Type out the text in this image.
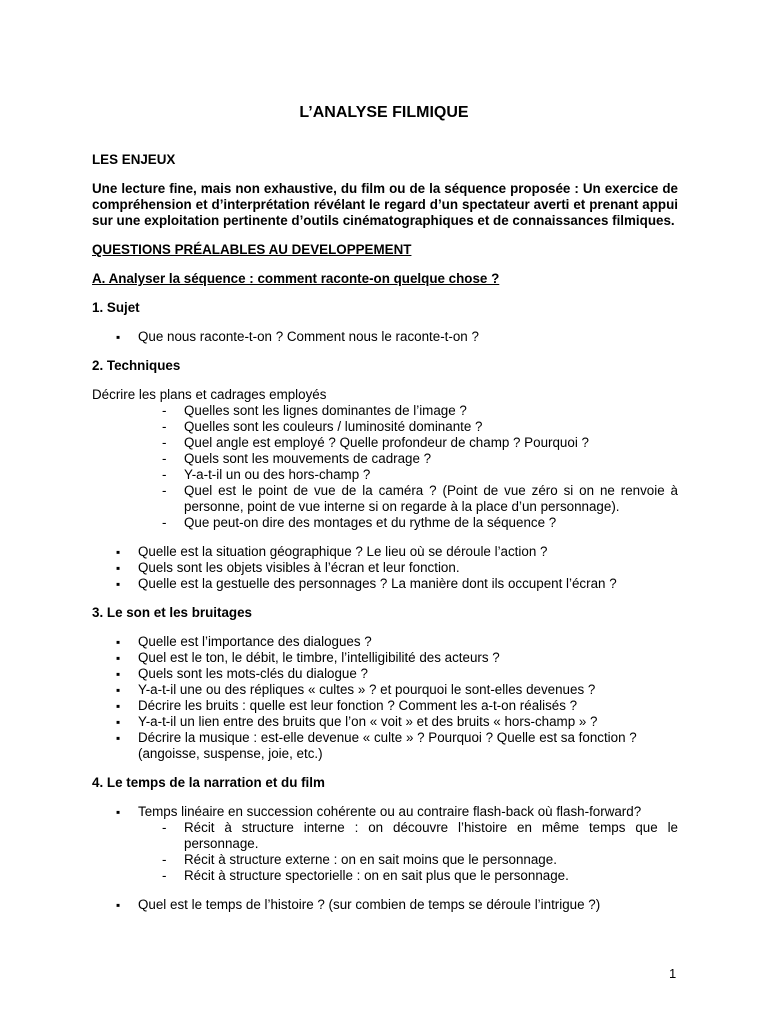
L’ANALYSE FILMIQUE
LES ENJEUX
Une lecture fine, mais non exhaustive, du film ou de la séquence proposée : Un exercice de compréhension et d’interprétation révélant le regard d’un spectateur averti et prenant appui sur une exploitation pertinente d’outils cinématographiques et de connaissances filmiques.
QUESTIONS PRÉALABLES AU DEVELOPPEMENT
A. Analyser la séquence : comment raconte-on quelque chose ?
1. Sujet
▪ Que nous raconte-t-on ? Comment nous le raconte-t-on ?
2. Techniques
Décrire les plans et cadrages employés
- Quelles sont les lignes dominantes de l’image ?
- Quelles sont les couleurs / luminosité dominante ?
- Quel angle est employé ? Quelle profondeur de champ ? Pourquoi ?
- Quels sont les mouvements de cadrage ?
- Y-a-t-il un ou des hors-champ ?
- Quel est le point de vue de la caméra ? (Point de vue zéro si on ne renvoie à personne, point de vue interne si on regarde à la place d’un personnage).
- Que peut-on dire des montages et du rythme de la séquence ?
▪ Quelle est la situation géographique ? Le lieu où se déroule l’action ?
▪ Quels sont les objets visibles à l’écran et leur fonction.
▪ Quelle est la gestuelle des personnages ? La manière dont ils occupent l’écran ?
3. Le son et les bruitages
▪ Quelle est l’importance des dialogues ?
▪ Quel est le ton, le débit, le timbre, l’intelligibilité des acteurs ?
▪ Quels sont les mots-clés du dialogue ?
▪ Y-a-t-il une ou des répliques « cultes » ? et pourquoi le sont-elles devenues ?
▪ Décrire les bruits : quelle est leur fonction ? Comment les a-t-on réalisés ?
▪ Y-a-t-il un lien entre des bruits que l’on « voit » et des bruits « hors-champ » ?
▪ Décrire la musique : est-elle devenue « culte » ? Pourquoi ? Quelle est sa fonction ? (angoisse, suspense, joie, etc.)
4. Le temps de la narration et du film
▪ Temps linéaire en succession cohérente ou au contraire flash-back où flash-forward?
- Récit à structure interne : on découvre l’histoire en même temps que le personnage.
- Récit à structure externe : on en sait moins que le personnage.
- Récit à structure spectorielle : on en sait plus que le personnage.
▪ Quel est le temps de l’histoire ? (sur combien de temps se déroule l’intrigue ?)
1
